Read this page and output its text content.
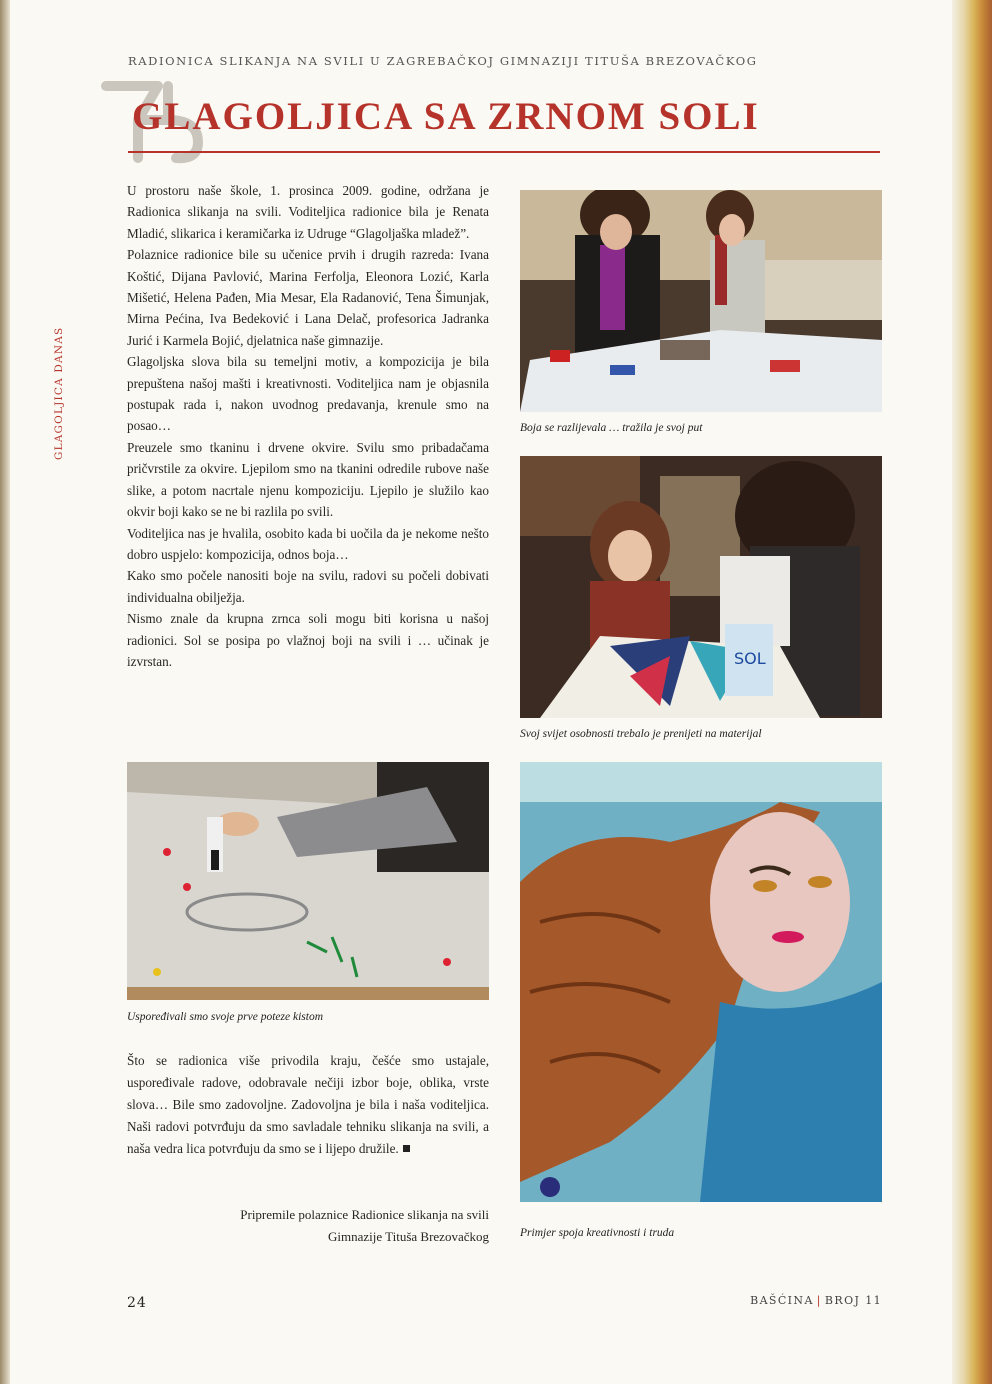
RADIONICA SLIKANJA NA SVILI U ZAGREBAČKOJ GIMNAZIJI TITUŠA BREZOVAČKOG
GLAGOLJICA SA ZRNOM SOLI
GLAGOLJICA DANAS

U prostoru naše škole, 1. prosinca 2009. godine, održana je Radionica slikanja na svili. Voditeljica radionice bila je Renata Mladić, slikarica i keramičarka iz Udruge “Glagoljaška mladež”.

Polaznice radionice bile su učenice prvih i drugih razreda: Ivana Koštić, Dijana Pavlović, Marina Ferfolja, Eleonora Lozić, Karla Mišetić, Helena Pađen, Mia Mesar, Ela Radanović, Tena Šimunjak, Mirna Pećina, Iva Bedeković i Lana Delač, profesorica Jadranka Jurić i Karmela Bojić, djelatnica naše gimnazije.

Glagoljska slova bila su temeljni motiv, a kompozicija je bila prepuštena našoj mašti i kreativnosti. Voditeljica nam je objasnila postupak rada i, nakon uvodnog predavanja, krenule smo na posao…

Preuzele smo tkaninu i drvene okvire. Svilu smo pribadačama pričvrstile za okvire. Ljepilom smo na tkanini odredile rubove naše slike, a potom nacrtale njenu kompoziciju. Ljepilo je služilo kao okvir boji kako se ne bi razlila po svili.

Voditeljica nas je hvalila, osobito kada bi uočila da je nekome nešto dobro uspjelo: kompozicija, odnos boja…

Kako smo počele nanositi boje na svilu, radovi su počeli dobivati individualna obilježja.

Nismo znale da krupna zrnca soli mogu biti korisna u našoj radionici. Sol se posipa po vlažnoj boji na svili i … učinak je izvrstan.

Boja se razlijevala … tražila je svoj put
SOL
Svoj svijet osobnosti trebalo je prenijeti na materijal
Uspoređivali smo svoje prve poteze kistom
Primjer spoja kreativnosti i truda

Što se radionica više privodila kraju, češće smo ustajale, uspoređivale radove, odobravale nečiji izbor boje, oblika, vrste slova… Bile smo zadovoljne. Zadovoljna je bila i naša voditeljica. Naši radovi potvrđuju da smo savladale tehniku slikanja na svili, a naša vedra lica potvrđuju da smo se i lijepo družile.

Pripremile polaznice Radionice slikanja na svili
Gimnazije Tituša Brezovačkog
24	BAŠĆINA | BROJ 11
